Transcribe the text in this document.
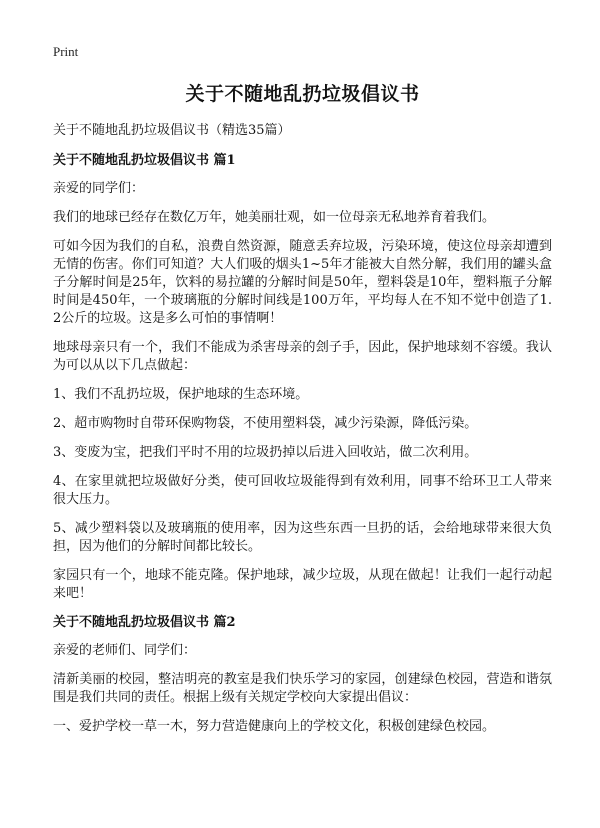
Print
关于不随地乱扔垃圾倡议书
关于不随地乱扔垃圾倡议书（精选35篇）
关于不随地乱扔垃圾倡议书 篇1

亲爱的同学们：

我们的地球已经存在数亿万年，她美丽壮观，如一位母亲无私地养育着我们。

可如今因为我们的自私，浪费自然资源，随意丢弃垃圾，污染环境，使这位母亲却遭到无情的伤害。你们可知道？大人们吸的烟头1~5年才能被大自然分解，我们用的罐头盒子分解时间是25年，饮料的易拉罐的分解时间是50年，塑料袋是10年，塑料瓶子分解时间是450年，一个玻璃瓶的分解时间线是100万年，平均每人在不知不觉中创造了1.2公斤的垃圾。这是多么可怕的事情啊！

地球母亲只有一个，我们不能成为杀害母亲的刽子手，因此，保护地球刻不容缓。我认为可以从以下几点做起：

1、我们不乱扔垃圾，保护地球的生态环境。

2、超市购物时自带环保购物袋，不使用塑料袋，减少污染源，降低污染。

3、变废为宝，把我们平时不用的垃圾扔掉以后进入回收站，做二次利用。

4、在家里就把垃圾做好分类，使可回收垃圾能得到有效利用，同事不给环卫工人带来很大压力。

5、减少塑料袋以及玻璃瓶的使用率，因为这些东西一旦扔的话，会给地球带来很大负担，因为他们的分解时间都比较长。

家园只有一个，地球不能克隆。保护地球，减少垃圾，从现在做起！让我们一起行动起来吧！

关于不随地乱扔垃圾倡议书 篇2

亲爱的老师们、同学们：

清新美丽的校园，整洁明亮的教室是我们快乐学习的家园，创建绿色校园，营造和谐氛围是我们共同的责任。根据上级有关规定学校向大家提出倡议：

一、爱护学校一草一木，努力营造健康向上的学校文化，积极创建绿色校园。
